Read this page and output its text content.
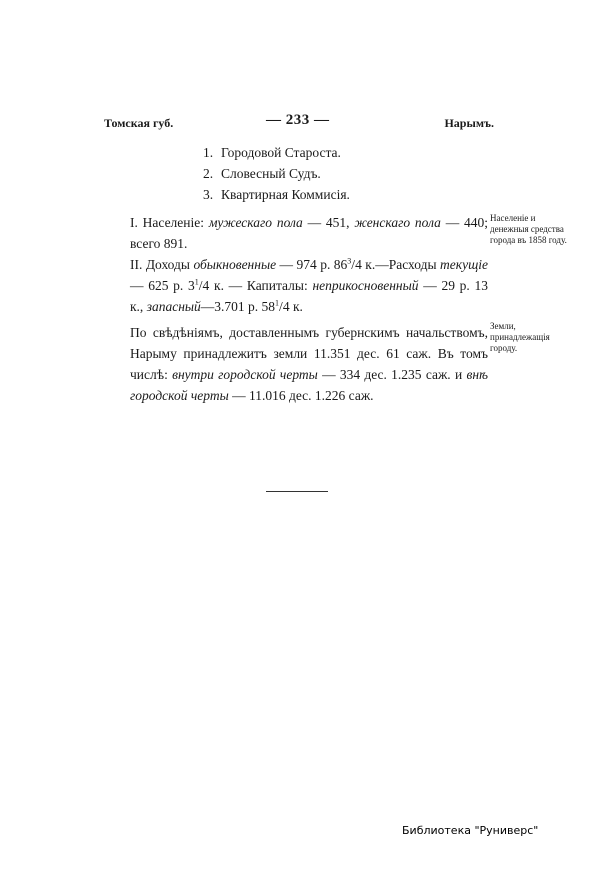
Томская губ.	— 233 —	Нарымъ.
1. Городовой Староста.
2. Словесный Судъ.
3. Квартирная Коммисія.
I. Населеніе: мужескаго пола — 451, женскаго пола — 440; всего 891.
II. Доходы обыкновенные — 974 р. $86^3/4$ к.—Расходы текущіе — 625 р. $3^1/4$ к. — Капиталы: неприкосновенный — 29 р. 13 к., запасный—3.701 р. $58^1/4$ к.
По свѣдѣніямъ, доставленнымъ губернскимъ начальствомъ, Нарыму принадлежитъ земли 11.351 дес. 61 саж. Въ томъ числѣ: внутри городской черты — 334 дес. 1.235 саж. и внѣ городской черты — 11.016 дес. 1.226 саж.
Населеніе и денежныя средства города въ 1858 году.
Земли, принадлежащія городу.
Библиотека "Руниверс"
